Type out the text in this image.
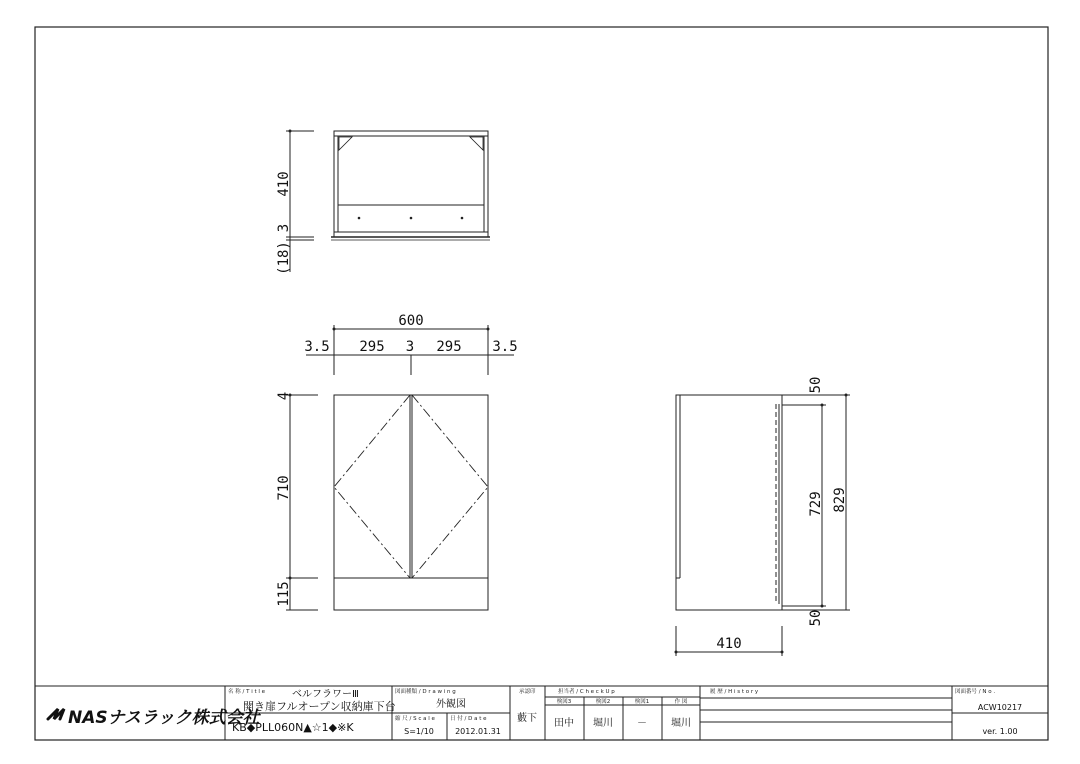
410
3
(18)
600
3.5 295 3 295 3.5
4
710
115
50
729 829
50
410
NASナスラック株式会社
名 称 / T i t l e	ベルフラワーⅢ
開き扉フルオープン収納庫下台
KB◆PLL060N▲☆1◆※K
図面種類 / D r a w i n g
外観図
縮 尺 / S c a l e
S=1/10
日 付 / D a t e
2012.01.31
承認印
藪下
担当者 / C h e c k U p
検図3	検図2	検図1	作 図
田中 堀川 － 堀川
履 歴 / H i s t o r y	図面番号 / N o .
ACW10217
ver. 1.00
